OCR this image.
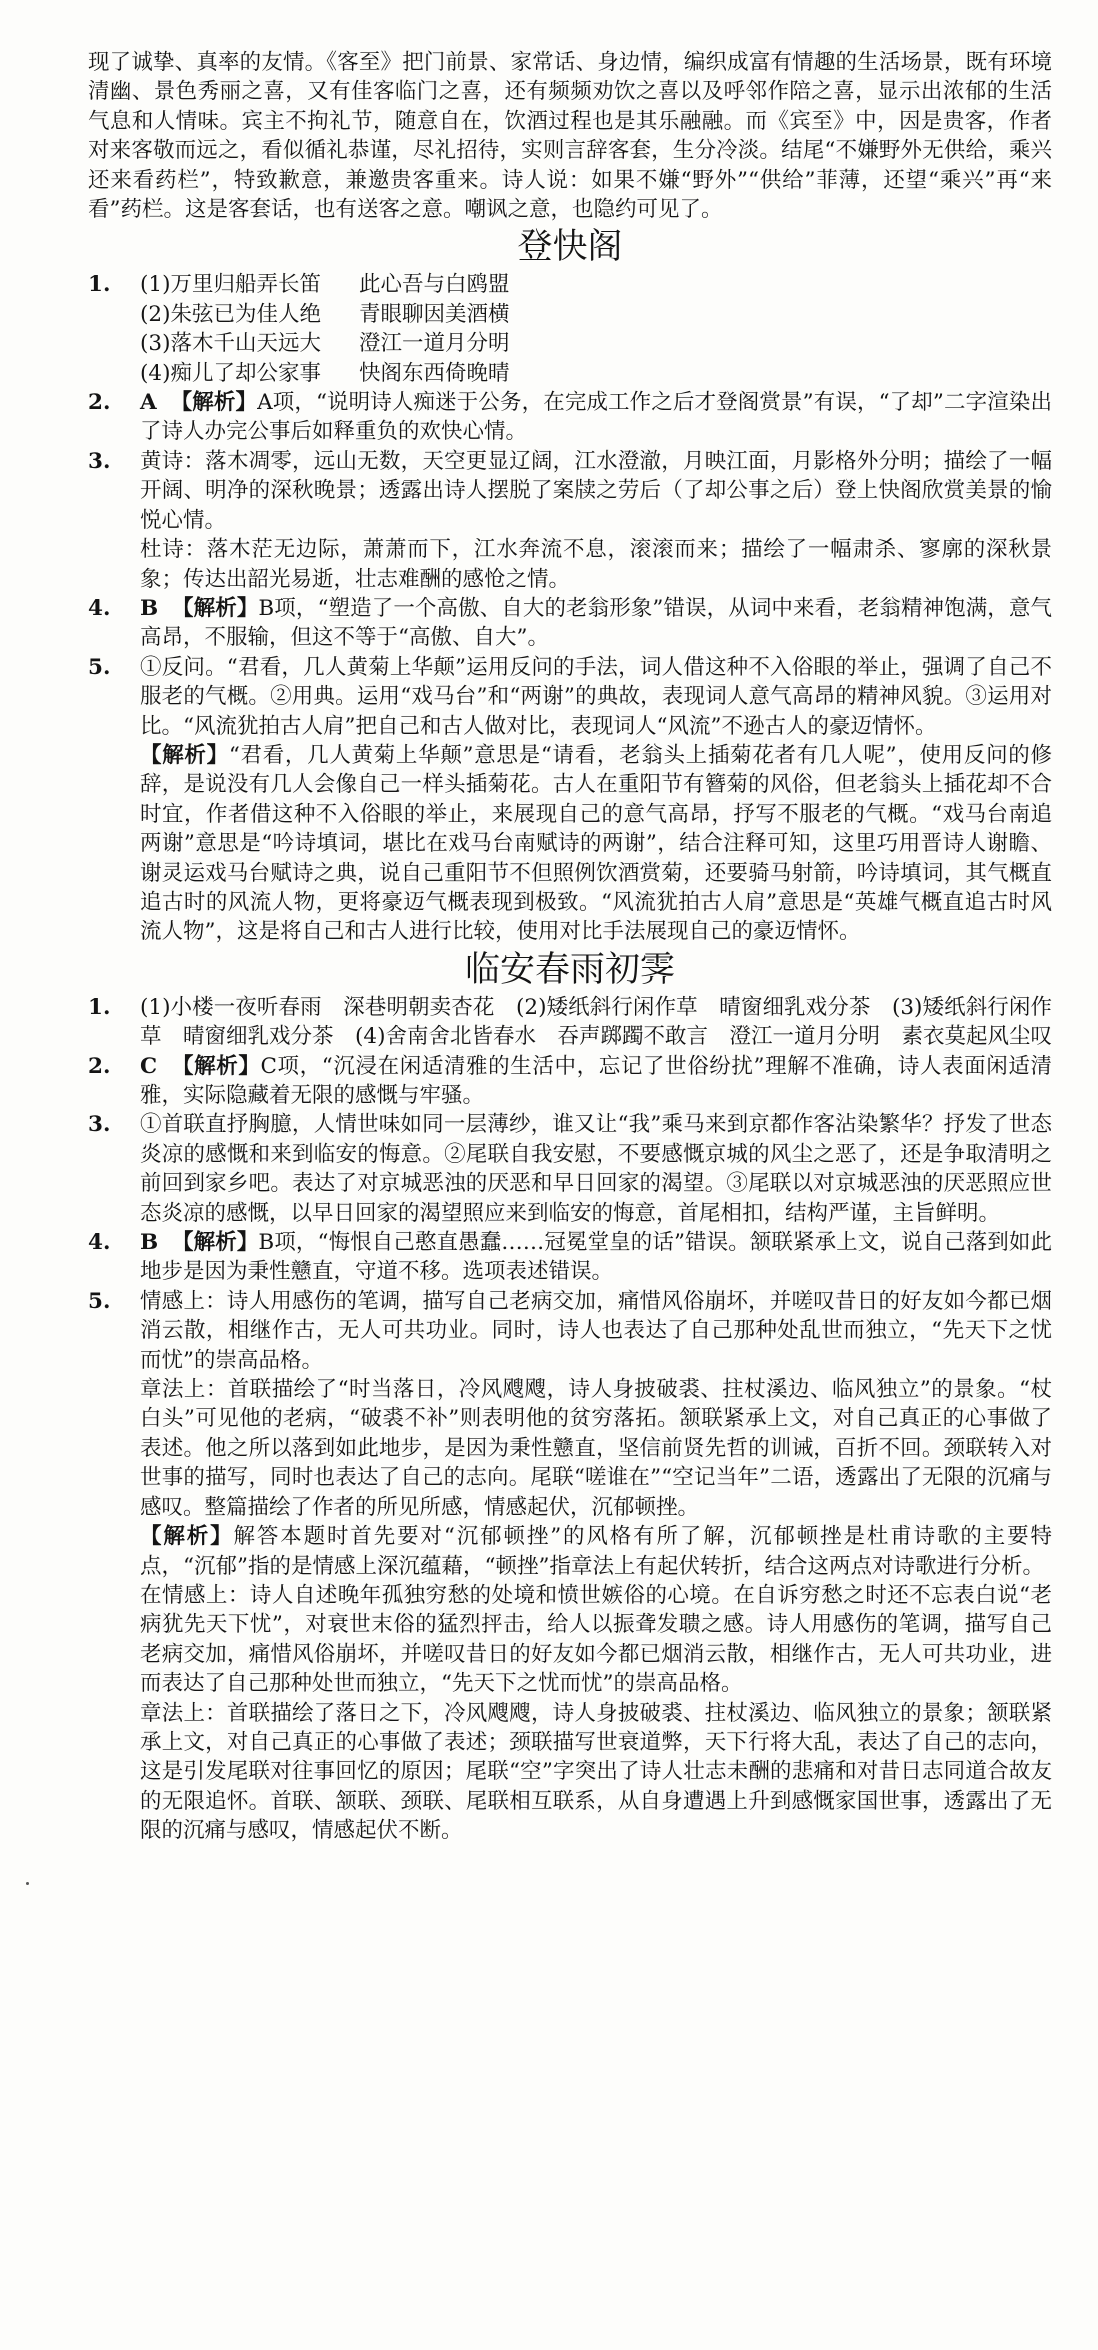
现了诚挚、真率的友情。《客至》把门前景、家常话、身边情，编织成富有情趣的生活场景，既有环境清幽、景色秀丽之喜，又有佳客临门之喜，还有频频劝饮之喜以及呼邻作陪之喜，显示出浓郁的生活气息和人情味。宾主不拘礼节，随意自在，饮酒过程也是其乐融融。而《宾至》中，因是贵客，作者对来客敬而远之，看似循礼恭谨，尽礼招待，实则言辞客套，生分冷淡。结尾“不嫌野外无供给，乘兴还来看药栏”，特致歉意，兼邀贵客重来。诗人说：如果不嫌“野外”“供给”菲薄，还望“乘兴”再“来看”药栏。这是客套话，也有送客之意。嘲讽之意，也隐约可见了。

登快阁
1.	(1)万里归船弄长笛 此心吾与白鸥盟
(2)朱弦已为佳人绝 青眼聊因美酒横
(3)落木千山天远大 澄江一道月分明
(4)痴儿了却公家事 快阁东西倚晚晴
2.	A 【解析】A项，“说明诗人痴迷于公务，在完成工作之后才登阁赏景”有误，“了却”二字渲染出了诗人办完公事后如释重负的欢快心情。

3.	黄诗：落木凋零，远山无数，天空更显辽阔，江水澄澈，月映江面，月影格外分明；描绘了一幅开阔、明净的深秋晚景；透露出诗人摆脱了案牍之劳后（了却公事之后）登上快阁欣赏美景的愉悦心情。

杜诗：落木茫无边际，萧萧而下，江水奔流不息，滚滚而来；描绘了一幅肃杀、寥廓的深秋景象；传达出韶光易逝，壮志难酬的感怆之情。

4.	B 【解析】B项，“塑造了一个高傲、自大的老翁形象”错误，从词中来看，老翁精神饱满，意气高昂，不服输，但这不等于“高傲、自大”。

5.	①反问。“君看，几人黄菊上华颠”运用反问的手法，词人借这种不入俗眼的举止，强调了自己不服老的气概。②用典。运用“戏马台”和“两谢”的典故，表现词人意气高昂的精神风貌。③运用对比。“风流犹拍古人肩”把自己和古人做对比，表现词人“风流”不逊古人的豪迈情怀。

【解析】“君看，几人黄菊上华颠”意思是“请看，老翁头上插菊花者有几人呢”，使用反问的修辞，是说没有几人会像自己一样头插菊花。古人在重阳节有簪菊的风俗，但老翁头上插花却不合时宜，作者借这种不入俗眼的举止，来展现自己的意气高昂，抒写不服老的气概。“戏马台南追两谢”意思是“吟诗填词，堪比在戏马台南赋诗的两谢”，结合注释可知，这里巧用晋诗人谢瞻、谢灵运戏马台赋诗之典，说自己重阳节不但照例饮酒赏菊，还要骑马射箭，吟诗填词，其气概直追古时的风流人物，更将豪迈气概表现到极致。“风流犹拍古人肩”意思是“英雄气概直追古时风流人物”，这是将自己和古人进行比较，使用对比手法展现自己的豪迈情怀。

临安春雨初霁
1.	(1)小楼一夜听春雨　深巷明朝卖杏花　(2)矮纸斜行闲作草　晴窗细乳戏分茶　(3)矮纸斜行闲作草　晴窗细乳戏分茶　(4)舍南舍北皆春水　吞声踯躅不敢言　澄江一道月分明　素衣莫起风尘叹

2.	C 【解析】C项，“沉浸在闲适清雅的生活中，忘记了世俗纷扰”理解不准确，诗人表面闲适清雅，实际隐藏着无限的感慨与牢骚。

3.	①首联直抒胸臆，人情世味如同一层薄纱，谁又让“我”乘马来到京都作客沾染繁华？抒发了世态炎凉的感慨和来到临安的悔意。②尾联自我安慰，不要感慨京城的风尘之恶了，还是争取清明之前回到家乡吧。表达了对京城恶浊的厌恶和早日回家的渴望。③尾联以对京城恶浊的厌恶照应世态炎凉的感慨，以早日回家的渴望照应来到临安的悔意，首尾相扣，结构严谨，主旨鲜明。

4.	B 【解析】B项，“悔恨自己憨直愚蠢……冠冕堂皇的话”错误。颔联紧承上文，说自己落到如此地步是因为秉性戆直，守道不移。选项表述错误。

5.	情感上：诗人用感伤的笔调，描写自己老病交加，痛惜风俗崩坏，并嗟叹昔日的好友如今都已烟消云散，相继作古，无人可共功业。同时，诗人也表达了自己那种处乱世而独立，“先天下之忧而忧”的崇高品格。

章法上：首联描绘了“时当落日，冷风飕飕，诗人身披破裘、拄杖溪边、临风独立”的景象。“杖白头”可见他的老病，“破裘不补”则表明他的贫穷落拓。颔联紧承上文，对自己真正的心事做了表述。他之所以落到如此地步，是因为秉性戆直，坚信前贤先哲的训诫，百折不回。颈联转入对世事的描写，同时也表达了自己的志向。尾联“嗟谁在”“空记当年”二语，透露出了无限的沉痛与感叹。整篇描绘了作者的所见所感，情感起伏，沉郁顿挫。

【解析】解答本题时首先要对“沉郁顿挫”的风格有所了解，沉郁顿挫是杜甫诗歌的主要特点，“沉郁”指的是情感上深沉蕴藉，“顿挫”指章法上有起伏转折，结合这两点对诗歌进行分析。

在情感上：诗人自述晚年孤独穷愁的处境和愤世嫉俗的心境。在自诉穷愁之时还不忘表白说“老病犹先天下忧”，对衰世末俗的猛烈抨击，给人以振聋发聩之感。诗人用感伤的笔调，描写自己老病交加，痛惜风俗崩坏，并嗟叹昔日的好友如今都已烟消云散，相继作古，无人可共功业，进而表达了自己那种处世而独立，“先天下之忧而忧”的崇高品格。

章法上：首联描绘了落日之下，冷风飕飕，诗人身披破裘、拄杖溪边、临风独立的景象；颔联紧承上文，对自己真正的心事做了表述；颈联描写世衰道弊，天下行将大乱，表达了自己的志向，这是引发尾联对往事回忆的原因；尾联“空”字突出了诗人壮志未酬的悲痛和对昔日志同道合故友的无限追怀。首联、颔联、颈联、尾联相互联系，从自身遭遇上升到感慨家国世事，透露出了无限的沉痛与感叹，情感起伏不断。
